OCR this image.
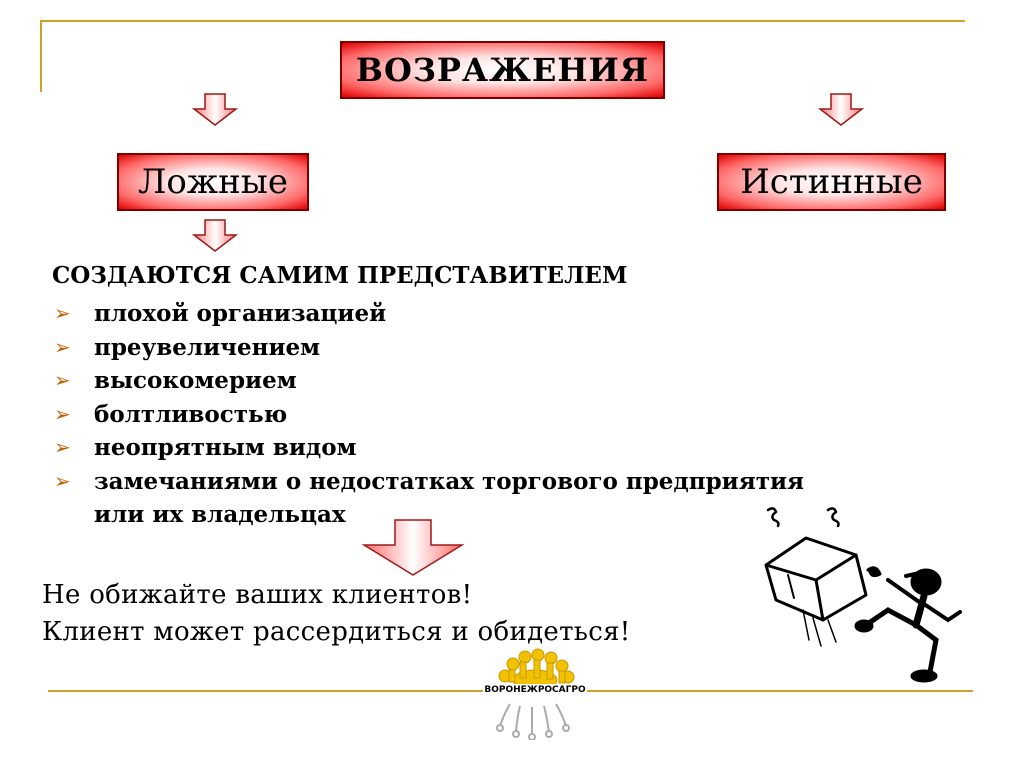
ВОЗРАЖЕНИЯ
Ложные	Истинные
СОЗДАЮТСЯ САМИМ ПРЕДСТАВИТЕЛЕМ
➢ плохой организацией
➢ преувеличением
➢ высокомерием
➢ болтливостью
➢ неопрятным видом
➢ замечаниями о недостатках торгового предприятия
или их владельцах
Не обижайте ваших клиентов!
Клиент может рассердиться и обидеться!
ВОРОНЕЖРОСАГРО
